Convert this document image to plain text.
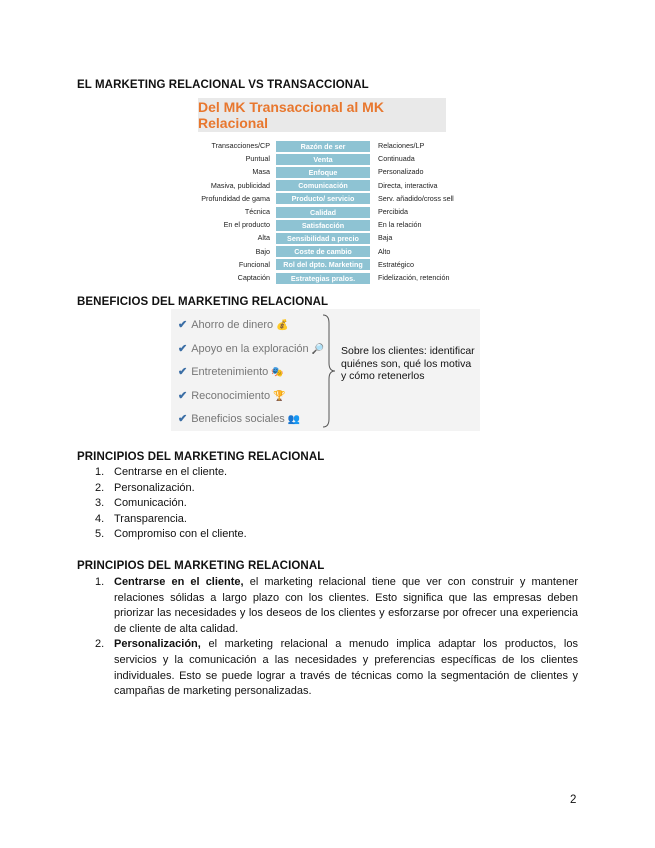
EL MARKETING RELACIONAL VS TRANSACCIONAL
Del MK Transaccional al MK Relacional
Transacciones/CP	Razón de ser	Relaciones/LP
Puntual	Venta	Continuada
Masa	Enfoque	Personalizado
Masiva, publicidad	Comunicación	Directa, interactiva
Profundidad de gama	Producto/ servicio	Serv. añadido/cross sell
Técnica	Calidad	Percibida
En el producto	Satisfacción	En la relación
Alta	Sensibilidad a precio	Baja
Bajo	Coste de cambio	Alto
Funcional	Rol del dpto. Marketing	Estratégico
Captación	Estrategias pralos.	Fidelización, retención
BENEFICIOS DEL MARKETING RELACIONAL
✔ Ahorro de dinero 💰
✔ Apoyo en la exploración 🔎
✔ Entretenimiento 🎭
✔ Reconocimiento 🏆
✔ Beneficios sociales 👥
Sobre los clientes: identificar quiénes son, qué los motiva y cómo retenerlos
PRINCIPIOS DEL MARKETING RELACIONAL
1. Centrarse en el cliente.
2. Personalización.
3. Comunicación.
4. Transparencia.
5. Compromiso con el cliente.
PRINCIPIOS DEL MARKETING RELACIONAL
1. Centrarse en el cliente, el marketing relacional tiene que ver con construir y mantener relaciones sólidas a largo plazo con los clientes. Esto significa que las empresas deben priorizar las necesidades y los deseos de los clientes y esforzarse por ofrecer una experiencia de cliente de alta calidad.
2. Personalización, el marketing relacional a menudo implica adaptar los productos, los servicios y la comunicación a las necesidades y preferencias específicas de los clientes individuales. Esto se puede lograr a través de técnicas como la segmentación de clientes y campañas de marketing personalizadas.
2
